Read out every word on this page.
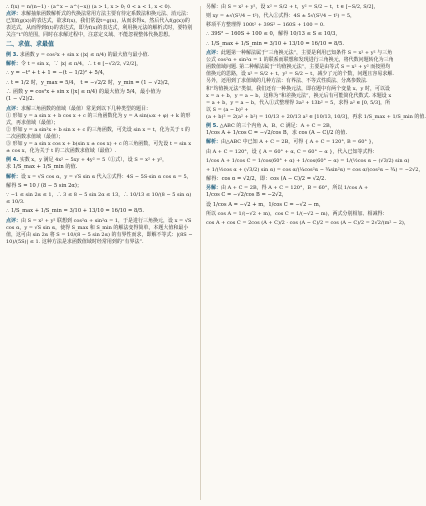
∴ f(x) = n/(n−1) · (a^x − a^(−x)) (a > 1, x > 0; 0 < a < 1, x < 0).

点评：求解抽象函数解析式的代换法常用方法主要有待定系数法和换元法、消元法：已知f(g(x))的表达式，欲求f(x)，我们常设t=g(x)，从而求得x，然后代入f(g(x))的表达式，从而得到f(t)的表达式，即为f(x)的表达式，利用换元法的解析式时，要特别关注“t”的范围，同时在求解过程中，注意定义域、不能忽视整体代换思想。

二、求值、求最值

例 3. 求函数 y = cos²x + sin x (|x| ≤ π/4) 的最大值与最小值.

解析：令 t = sin x，∵ |x| ≤ π/4，∴ t ∈ [−√2/2, √2/2]，

∴ y = −t² + t + 1 = −(t − 1/2)² + 5/4，

∴ t = 1/2 时，y_max = 5/4， t = −√2/2 时，y_min = (1 − √2)/2，

∴ 函数 y = cos²x + sin x (|x| ≤ π/4) 的最大值为 5/4，最小值为

(1 − √2)/2.

点评：求解三角函数的值域（最值）常见到以下几种类型的题目：

① 形如 y = a sin x + b cos x + c 的三角函数化为 y = A sin(ωx + φ) + k 的形式，再求值域（最值）；

② 形如 y = a sin²x + b sin x + c 的三角函数，可先设 sin x = t，化为关于 t 的二次函数求值域（最值）；

③ 形如 y = a sin x cos x + b(sin x ± cos x) + c 的三角函数，可先设 t = sin x ± cos x，化为关于 t 的二次函数求值域（最值）.

例 4. 实数 x，y 满足 4x² − 5xy + 4y² = 5（①式），设 S = x² + y²，

求 1/S_max + 1/S_min 的值.

解析：设 x = √S cos α，y = √S sin α 代入①式得：4S − 5S·sin α cos α = 5，

解得 S = 10 / (8 − 5 sin 2α)；

∵ −1 ≤ sin 2α ≤ 1，∴ 3 ≤ 8 − 5 sin 2α ≤ 13，∴ 10/13 ≤ 10/(8 − 5 sin α)

≤ 10/3.

∴ 1/S_max + 1/S_min = 3/10 + 13/10 = 16/10 = 8/5.

点评：由 S = x² + y² 联想到 cos²α + sin²α = 1，于是进行三角换元，设 x = √S cos α，y = √S sin α，使得 S_max 和 S_min 的解法变得简单，本题大值和最小值，这可由 sin 2α 将 S = 10/(8 − 5 sin 2α) 的有界性而求，即解不等式：|(8S − 10)/(5S)| ≤ 1. 这种方法是求函数值域时经常用到的“有界法”.

另解：由 S = x² + y²，设 x² = S/2 + t，y² = S/2 − t，t ∈ [−S/2, S/2]，

则 xy = ±√(S²/4 − t²)，代入①式得：4S ± 5√(S²/4 − t²) = 5，

移项平方整理得 100t² + 39S² − 160S + 100 = 0.

∴ 39S² − 160S + 100 ≤ 0，解得 10/13 ≤ S ≤ 10/3，

∴ 1/S_max + 1/S_min = 3/10 + 13/10 = 16/10 = 8/5.

点评：此题第一种解法属于“三角换元法”，主要是利用已知条件 S = x² + y² 与三角公式 cos²α + sin²α = 1 的联系而联想和发现进行三角换元，将代数问题转化为三角函数值域问题. 第二种解法属于“均值换元法”，主要是由等式 S = x² + y² 而按照均值换元的思路，设 x² = S/2 + t、y² = S/2 − t，减少了元的个数，问题且容易求解. 另外，还用到了求值域的几种方法：有界法、不等式性质法、分离参数法.

和“均值换元法”类似，我们还有一种换元法，即在题中有两个变量 x、y 时，可以设 x = a + b，y = a − b，这称为“和差换元法”，换元后有可能简化代数式. 本题设 x = a + b，y = a − b，代入①式整理得 3a² + 13b² = 5，求得 a² ∈ [0, 5/3]，所以 S = (a − b)² +

(a + b)² = 2(a² + b²) = 10/13 + 20/13 a² ∈ [10/13, 10/3]，再求 1/S_max + 1/S_min 的值.

例 5. △ABC 的三个内角 A、B、C 满足：A + C = 2B，

1/cos A + 1/cos C = −√2/cos B，求 cos (A − C)/2 的值.

解析：由△ABC 中已知 A + C = 2B，可得 { A + C = 120°, B = 60° }，

由 A + C = 120°，设 { A = 60° + α, C = 60° − α }，代入已知等式得：

1/cos A + 1/cos C = 1/cos(60° + α) + 1/cos(60° − α) = 1/(½cos α − (√3/2) sin α)

+ 1/(½cos α + (√3/2) sin α) = cos α/(¼cos²α − ¾sin²α) = cos α/(cos²α − ¾) = −2√2，

解得：cos α = √2/2，即：cos (A − C)/2 = √2/2.

另解：由 A + C = 2B，得 A + C = 120°，B = 60°，所以 1/cos A +

1/cos C = −√2/cos B = −2√2，

设 1/cos A = −√2 + m，1/cos C = −√2 − m，

所以 cos A = 1/(−√2 + m)，cos C = 1/(−√2 − m)，两式分别相加、相减得：

cos A + cos C = 2cos (A + C)/2 · cos (A − C)/2 = cos (A − C)/2 = 2√2/(m² − 2)，
